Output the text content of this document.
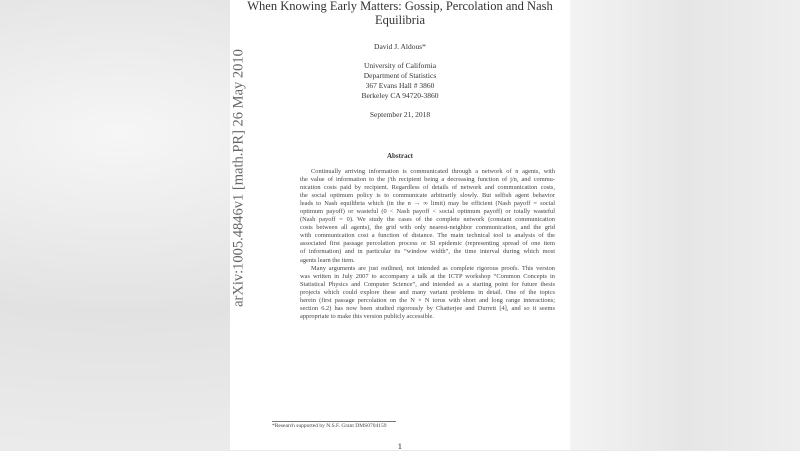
arXiv:1005.4846v1 [math.PR] 26 May 2010
When Knowing Early Matters: Gossip, Percolation and Nash
Equilibria
David J. Aldous*
University of California
Department of Statistics
367 Evans Hall # 3860
Berkeley CA 94720-3860
September 21, 2018
Abstract
Continually arriving information is communicated through a network of n agents, with
the value of information to the j'th recipient being a decreasing function of j/n, and commu-
nication costs paid by recipient. Regardless of details of network and communication costs,
the social optimum policy is to communicate arbitrarily slowly. But selfish agent behavior
leads to Nash equilibria which (in the n → ∞ limit) may be efficient (Nash payoff = social
optimum payoff) or wasteful (0 < Nash payoff < social optimum payoff) or totally wasteful
(Nash payoff = 0). We study the cases of the complete network (constant communication
costs between all agents), the grid with only nearest-neighbor communication, and the grid
with communication cost a function of distance. The main technical tool is analysis of the
associated first passage percolation process or SI epidemic (representing spread of one item
of information) and in particular its “window width”, the time interval during which most
agents learn the item.
Many arguments are just outlined, not intended as complete rigorous proofs. This version
was written in July 2007 to accompany a talk at the ICTP workshop “Common Concepts in
Statistical Physics and Computer Science”, and intended as a starting point for future thesis
projects which could explore these and many variant problems in detail. One of the topics
herein (first passage percolation on the N × N torus with short and long range interactions;
section 6.2) has now been studied rigorously by Chatterjee and Durrett [4], and so it seems
appropriate to make this version publicly accessible.
*Research supported by N.S.F. Grant DMS0704159
1
